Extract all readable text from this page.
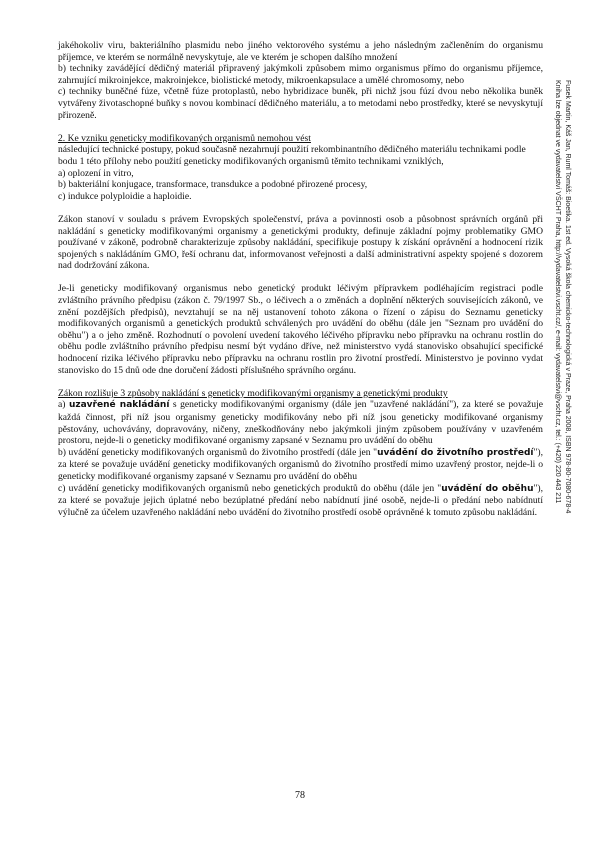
jakéhokoliv viru, bakteriálního plasmidu nebo jiného vektorového systému a jeho následným začleněním do organismu příjemce, ve kterém se normálně nevyskytuje, ale ve kterém je schopen dalšího množení

b) techniky zavádějící dědičný materiál připravený jakýmkoli způsobem mimo organismus přímo do organismu příjemce, zahrnující mikroinjekce, makroinjekce, biolistické metody, mikroenkapsulace a umělé chromosomy, nebo

c) techniky buněčné fúze, včetně fúze protoplastů, nebo hybridizace buněk, při nichž jsou fúzí dvou nebo několika buněk vytvářeny životaschopné buňky s novou kombinací dědičného materiálu, a to metodami nebo prostředky, které se nevyskytují přirozeně.

2. Ke vzniku geneticky modifikovaných organismů nemohou vést

následující technické postupy, pokud současně nezahrnují použití rekombinantního dědičného materiálu technikami podle bodu 1 této přílohy nebo použití geneticky modifikovaných organismů těmito technikami vzniklých,

a) oplození in vitro,

b) bakteriální konjugace, transformace, transdukce a podobné přirozené procesy,

c) indukce polyploidie a haploidie.

Zákon stanoví v souladu s právem Evropských společenství, práva a povinnosti osob a působnost správních orgánů při nakládání s geneticky modifikovanými organismy a genetickými produkty, definuje základní pojmy problematiky GMO používané v zákoně, podrobně charakterizuje způsoby nakládání, specifikuje postupy k získání oprávnění a hodnocení rizik spojených s nakládáním GMO, řeší ochranu dat, informovanost veřejnosti a další administrativní aspekty spojené s dozorem nad dodržování zákona.

Je-li geneticky modifikovaný organismus nebo genetický produkt léčivým přípravkem podléhajícím registraci podle zvláštního právního předpisu (zákon č. 79/1997 Sb., o léčivech a o změnách a doplnění některých souvisejících zákonů, ve znění pozdějších předpisů), nevztahují se na něj ustanovení tohoto zákona o řízení o zápisu do Seznamu geneticky modifikovaných organismů a genetických produktů schválených pro uvádění do oběhu (dále jen "Seznam pro uvádění do oběhu") a o jeho změně. Rozhodnutí o povolení uvedení takového léčivého přípravku nebo přípravku na ochranu rostlin do oběhu podle zvláštního právního předpisu nesmí být vydáno dříve, než ministerstvo vydá stanovisko obsahující specifické hodnocení rizika léčivého přípravku nebo přípravku na ochranu rostlin pro životní prostředí. Ministerstvo je povinno vydat stanovisko do 15 dnů ode dne doručení žádosti příslušného správního orgánu.

Zákon rozlišuje 3 způsoby nakládání s geneticky modifikovanými organismy a genetickými produkty

a) uzavřené nakládání s geneticky modifikovanými organismy (dále jen "uzavřené nakládání"), za které se považuje každá činnost, při níž jsou organismy geneticky modifikovány nebo při níž jsou geneticky modifikované organismy pěstovány, uchovávány, dopravovány, ničeny, zneškodňovány nebo jakýmkoli jiným způsobem používány v uzavřeném prostoru, nejde-li o geneticky modifikované organismy zapsané v Seznamu pro uvádění do oběhu

b) uvádění geneticky modifikovaných organismů do životního prostředí (dále jen "uvádění do životního prostředí"), za které se považuje uvádění geneticky modifikovaných organismů do životního prostředí mimo uzavřený prostor, nejde-li o geneticky modifikované organismy zapsané v Seznamu pro uvádění do oběhu

c) uvádění geneticky modifikovaných organismů nebo genetických produktů do oběhu (dále jen "uvádění do oběhu"), za které se považuje jejich úplatné nebo bezúplatné předání nebo nabídnutí jiné osobě, nejde-li o předání nebo nabídnutí výlučně za účelem uzavřeného nakládání nebo uvádění do životního prostředí osobě oprávněné k tomuto způsobu nakládání.

78
Fusek Martin, Káš Jan, Ruml Tomáš: Bioetika. 1st ed. Vysoká škola chemicko-technologická v Praze, Praha 2008, ISBN 978-80-7080-678-4
Kniha lze objednat ve vydavatelství VŠCHT Praha, http://vydavatelstvi.vscht.cz/, e-mail: vydavatelstvi@vscht.cz, tel.: (+420) 220 443 211
